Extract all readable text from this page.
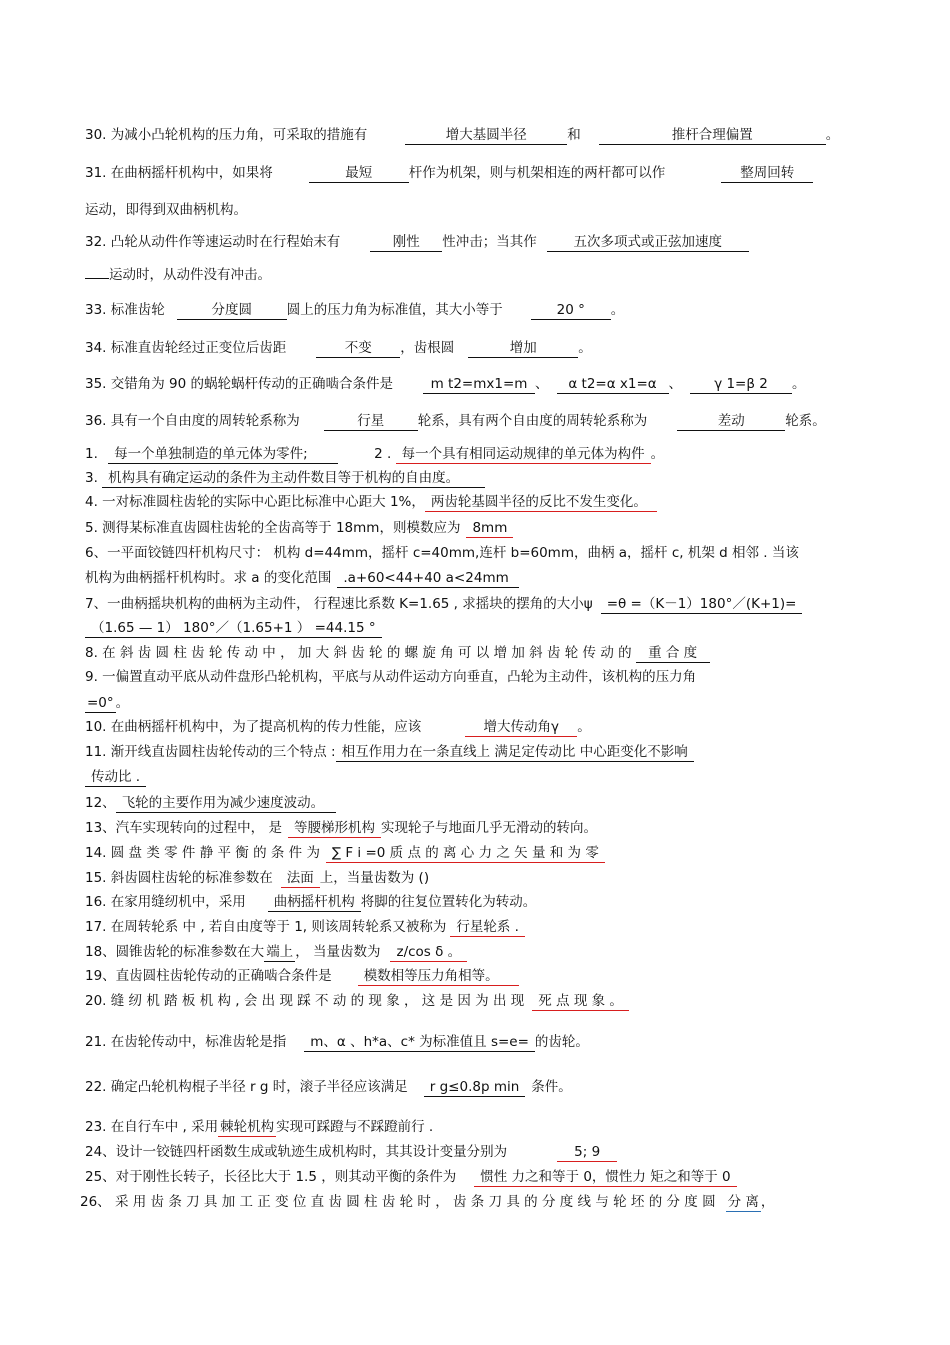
30. 为减小凸轮机构的压力角，可采取的措施有	增大基圆半径	和	推杆合理偏置	。
31. 在曲柄摇杆机构中，如果将	最短	杆作为机架，则与机架相连的两杆都可以作	整周回转
运动，即得到双曲柄机构。
32. 凸轮从动件作等速运动时在行程始末有	刚性 性冲击；当其作	五次多项式或正弦加速度
运动时，从动件没有冲击。
33. 标准齿轮	分度圆	圆上的压力角为标准值，其大小等于	20 ° 。
34. 标准直齿轮经过正变位后齿距	不变 ，齿根圆	增加	。
35. 交错角为 90 的蜗轮蜗杆传动的正确啮合条件是	m t2=mx1=m 、 α t2=α x1=α 、 γ 1=β 2 。
36. 具有一个自由度的周转轮系称为	行星 轮系，具有两个自由度的周转轮系称为	差动	轮系。
1. 每一个单独制造的单元体为零件;	2 . 每一个具有相同运动规律的单元体为构件 。
3. 机构具有确定运动的条件为主动件数目等于机构的自由度。
4. 一对标准圆柱齿轮的实际中心距比标准中心距大 1%， 两齿轮基圆半径的反比不发生变化。
5. 测得某标准直齿圆柱齿轮的全齿高等于 18mm，则模数应为 8mm
6、一平面铰链四杆机构尺寸： 机构 d=44mm，摇杆 c=40mm,连杆 b=60mm，曲柄 a，摇杆 c, 机架 d 相邻 . 当该
机构为曲柄摇杆机构时。求 a 的变化范围 .a+60<44+40 a<24mm
7、一曲柄摇块机构的曲柄为主动件， 行程速比系数 K=1.65 , 求摇块的摆角的大小ψ =θ =（K－1）180°／(K+1)=
（1.65 — 1） 180°／（1.65+1 ） =44.15 °
8. 在 斜 齿 圆 柱 齿 轮 传 动 中 ， 加 大 斜 齿 轮 的 螺 旋 角 可 以 增 加 斜 齿 轮 传 动 的 重 合 度
9. 一偏置直动平底从动件盘形凸轮机构，平底与从动件运动方向垂直，凸轮为主动件，该机构的压力角
=0° 。
10. 在曲柄摇杆机构中，为了提高机构的传力性能，应该	增大传动角γ 。
11. 渐开线直齿圆柱齿轮传动的三个特点 : 相互作用力在一条直线上 满足定传动比 中心距变化不影响
传动比 .
12、 飞轮的主要作用为减少速度波动。
13、汽车实现转向的过程中， 是 等腰梯形机构 实现轮子与地面几乎无滑动的转向。
14. 圆 盘 类 零 件 静 平 衡 的 条 件 为 ∑ F i =0 质 点 的 离 心 力 之 矢 量 和 为 零
15. 斜齿圆柱齿轮的标准参数在 法面 上，当量齿数为 ()
16. 在家用缝纫机中，采用 曲柄摇杆机构 将脚的往复位置转化为转动。
17. 在周转轮系 中 , 若自由度等于 1, 则该周转轮系又被称为 行星轮系 .
18、圆锥齿轮的标准参数在大 端上 ， 当量齿数为 z/cos δ 。
19、直齿圆柱齿轮传动的正确啮合条件是 模数相等压力角相等。
20. 缝 纫 机 踏 板 机 构 , 会 出 现 踩 不 动 的 现 象 ， 这 是 因 为 出 现 死 点 现 象 。
21. 在齿轮传动中，标准齿轮是指 m、α 、h*a、c* 为标准值且 s=e= 的齿轮。
22. 确定凸轮机构棍子半径 r g 时，滚子半径应该满足 r g≤0.8p min 条件。
23. 在自行车中 , 采用 棘轮机构 实现可踩蹬与不踩蹬前行 .
24、设计一铰链四杆函数生成或轨迹生成机构时，其其设计变量分别为	5; 9
25、对于刚性长转子，长径比大于 1.5 ，则其动平衡的条件为 惯性 力之和等于 0，惯性力 矩之和等于 0
26、 采 用 齿 条 刀 具 加 工 正 变 位 直 齿 圆 柱 齿 轮 时 ， 齿 条 刀 具 的 分 度 线 与 轮 坯 的 分 度 圆 分 离 ，
